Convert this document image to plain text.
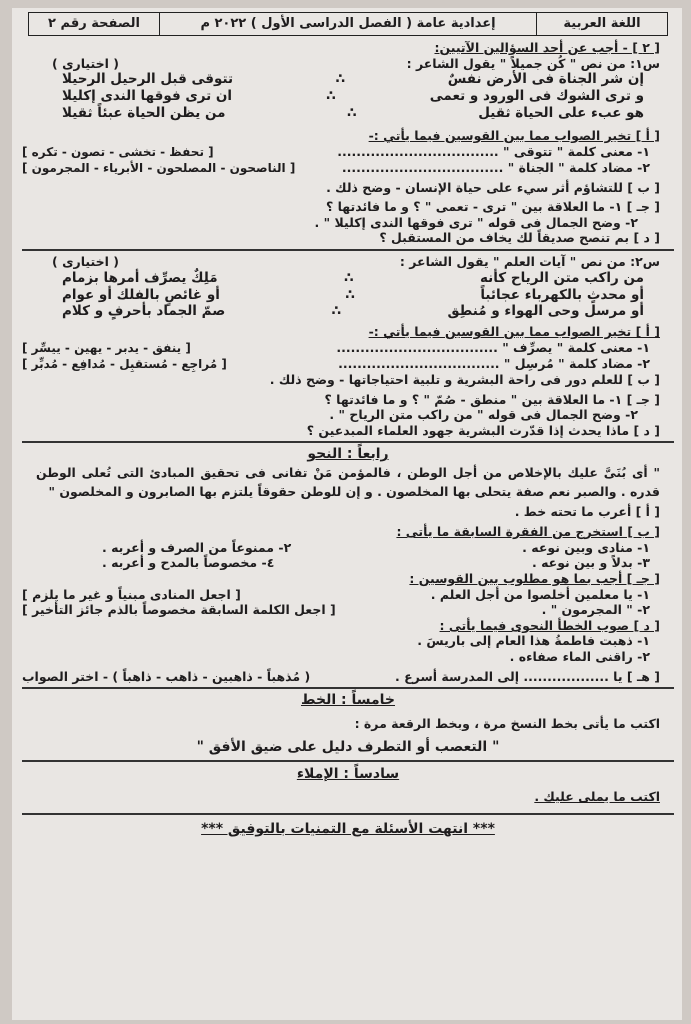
اللغة العربية
إعدادية عامة ( الفصل الدراسى الأول ) ٢٠٢٢ م
الصفحة رقم ٢
[ ٢ ] - أجب عن أحد السؤالين الآتيين:
س١: من نص " كُن جميلاً " يقول الشاعر :
( اختيارى )
إن شر الجناة فى الأرض نفسٌ
∴
تتوقى قبل الرحيل الرحيلا
و ترى الشوك فى الورود و تعمى
∴
ان ترى فوقها الندى إكليلا
هو عبء على الحياة ثقيل
∴
من يظن الحياة عبئاً ثقيلا
[ أ ] تخير الصواب مما بين القوسين فيما يأتي :-
١- معنى كلمة " تتوقى " ..................................
[ تحفظ - تخشى - تصون - تكره ]
٢- مضاد كلمة " الجناة " ..................................
[ الناصحون - المصلحون - الأبرياء - المجرمون ]
[ ب ] للتشاؤم أثر سيء على حياة الإنسان - وضح ذلك .
[ جـ ] ١- ما العلاقة بين " ترى - تعمى " ؟ و ما فائدتها ؟
٢- وضح الجمال فى قوله " ترى فوقها الندى إكليلا " .
[ د ] بم تنصح صديقاً لك يخاف من المستقبل ؟
س٢: من نص " آيات العلم " يقول الشاعر :
( اختيارى )
من راكب متن الرياح كأنه
∴
مَلِكٌ يصرِّف أمرها بزمام
أو محدثٍ بالكهرباء عجائباً
∴
أو غائصٍ بالفلك أو عوام
أو مرسل وحى الهواء و مُنطِق
∴
صمّ الجماد بأحرفٍ و كلام
[ أ ] تخير الصواب مما بين القوسين فيما يأتي :-
١- معنى كلمة " يصرِّف " ..................................
[ ينفق - يدبر - يهين - ييسِّر ]
٢- مضاد كلمة " مُرسِل " ..................................
[ مُراجِع - مُستقبِل - مُدافِع - مُدبِّر ]
[ ب ] للعلم دور فى راحة البشرية و تلبية احتياجاتها - وضح ذلك .
[ جـ ] ١- ما العلاقة بين " منطق - صُمّ " ؟ و ما فائدتها ؟
٢- وضح الجمال فى قوله " من راكب متن الرياح " .
[ د ] ماذا يحدث إذا قدّرت البشرية جهود العلماء المبدعين ؟
رابعاً : النحو
" أى بُنَىَّ عليك بالإخلاص من أجل الوطن ، فالمؤمن مَنْ تفانى فى تحقيق المبادئ التى تُعلى الوطن قدره . والصبر نعم صفة يتحلى بها المخلصون . و إن للوطن حقوقاً يلتزم بها الصابرون و المخلصون "
[ أ ] أعرب ما تحته خط .
[ ب ] استخرج من الفقرة السابقة ما يأتى :
١- منادى وبين نوعه .
٢- ممنوعاً من الصرف و أعربه .
٣- بدلاً و بين نوعه .
٤- مخصوصاً بالمدح و أعربه .
[ جـ ] أجب بما هو مطلوب بين القوسين :
١- يا معلمين أخلصوا من أجل العلم .
[ اجعل المنادى مبنياً و غير ما يلزم ]
٢- " المجرمون " .
[ اجعل الكلمة السابقة مخصوصاً بالذم جائز التأخير ]
[ د ] صوب الخطأ النحوى فيما يأتى :
١- ذهبت فاطمةُ هذا العام إلى باريسَ .
٢- راقنى الماء صفاءه .
[ هـ ] يا .................. إلى المدرسة أسرع .
( مُذهباً - ذاهبين - ذاهب - ذاهباً ) - اختر الصواب
خامساً : الخط
اكتب ما يأتى بخط النسخ مرة ، وبخط الرقعة مرة :
" التعصب أو التطرف دليل على ضيق الأفق "
سادساً : الإملاء
اكتب ما يملى عليك .
*** انتهت الأسئلة مع التمنيات بالتوفيق ***
